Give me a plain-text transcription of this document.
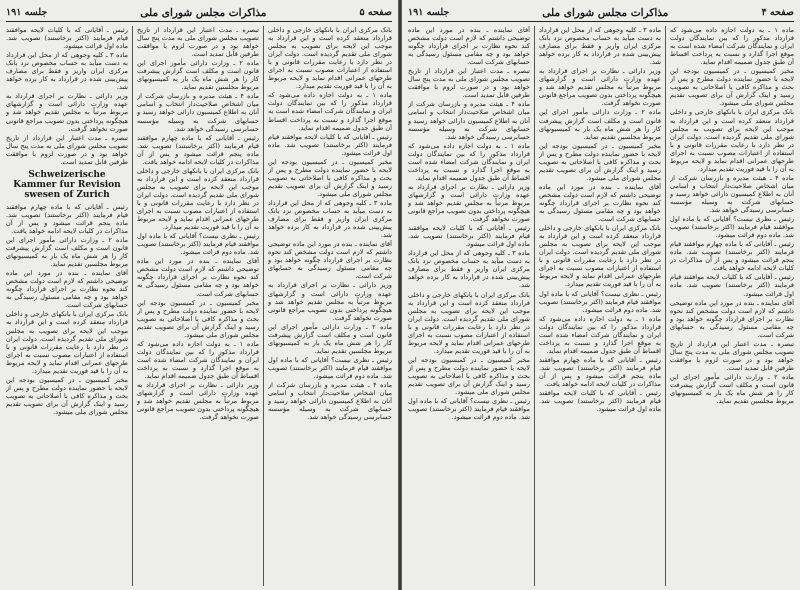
صفحه ۵
مذاکرات مجلس شورای ملی
جلسه ۱۹۱

بانک مرکزی ایران با بانکهای خارجی و داخلی قرارداد منعقد کرده است و این قرارداد به موجب این لایحه برای تصویب به مجلس شورای ملی تقدیم گردیده است. دولت ایران در نظر دارد با رعایت مقررات قانونی و با استفاده از اعتبارات مصوب نسبت به اجرای طرحهای عمرانی اقدام نماید و لایحه مربوط به آن را با قید فوریت تقدیم میدارد.

ماده ۱ ـ به دولت اجازه داده می‌شود که قرارداد مذکور را که بین نمایندگان دولت ایران و نمایندگان شرکت امضاء شده است به موقع اجرا گذارد و نسبت به پرداخت اقساط آن طبق جدول ضمیمه اقدام نماید.

رئیس ـ آقایانی که با کلیات لایحه موافقند قیام فرمایند (اکثر برخاستند) تصویب شد. ماده اول قرائت میشود.

مخبر کمیسیون ـ در کمیسیون بودجه این لایحه با حضور نماینده دولت مطرح و پس از بحث و مذاکره کافی با اصلاحاتی به تصویب رسید و اینک گزارش آن برای تصویب تقدیم مجلس شورای ملی میشود.

ماده ۳ ـ کلیه وجوهی که از محل این قرارداد به دست میآید به حساب مخصوص نزد بانک مرکزی ایران واریز و فقط برای مصارف پیش‌بینی شده در قرارداد به کار برده خواهد شد.

آقای نماینده ـ بنده در مورد این ماده توضیحی داشتم که لازم است دولت مشخص کند نحوه نظارت بر اجرای قرارداد چگونه خواهد بود و چه مقامی مسئول رسیدگی به حسابهای شرکت است.

وزیر دارائی ـ نظارت بر اجرای قرارداد به عهده وزارت دارائی است و گزارشهای مربوط مرتباً به مجلس تقدیم خواهد شد و هیچگونه پرداختی بدون تصویب مراجع قانونی صورت نخواهد گرفت.

ماده ۲ ـ وزارت دارائی مأمور اجرای این قانون است و مکلف است گزارش پیشرفت کار را هر شش ماه یک بار به کمیسیونهای مربوط مجلسین تقدیم نماید.

رئیس ـ نظری نیست؟ آقایانی که با ماده اول موافقند قیام فرمایند (اکثر برخاستند) تصویب شد. ماده دوم قرائت میشود.

ماده ۴ ـ هیئت مدیره و بازرسان شرکت از میان اشخاص صلاحیت‌دار انتخاب و اسامی آنان به اطلاع کمیسیون دارائی خواهد رسید و حسابهای شرکت به وسیله مؤسسه حسابرسی رسیدگی خواهد شد.

تبصره ـ مدت اعتبار این قرارداد از تاریخ تصویب مجلس شورای ملی به مدت پنج سال خواهد بود و در صورت لزوم با موافقت طرفین قابل تمدید است.

ماده ۲ ـ وزارت دارائی مأمور اجرای این قانون است و مکلف است گزارش پیشرفت کار را هر شش ماه یک بار به کمیسیونهای مربوط مجلسین تقدیم نماید.

ماده ۴ ـ هیئت مدیره و بازرسان شرکت از میان اشخاص صلاحیت‌دار انتخاب و اسامی آنان به اطلاع کمیسیون دارائی خواهد رسید و حسابهای شرکت به وسیله مؤسسه حسابرسی رسیدگی خواهد شد.

رئیس ـ آقایانی که با ماده چهارم موافقند قیام فرمایند (اکثر برخاستند) تصویب شد. ماده پنجم قرائت میشود و پس از آن مذاکرات در کلیات لایحه ادامه خواهد یافت.

بانک مرکزی ایران با بانکهای خارجی و داخلی قرارداد منعقد کرده است و این قرارداد به موجب این لایحه برای تصویب به مجلس شورای ملی تقدیم گردیده است. دولت ایران در نظر دارد با رعایت مقررات قانونی و با استفاده از اعتبارات مصوب نسبت به اجرای طرحهای عمرانی اقدام نماید و لایحه مربوط به آن را با قید فوریت تقدیم میدارد.

رئیس ـ نظری نیست؟ آقایانی که با ماده اول موافقند قیام فرمایند (اکثر برخاستند) تصویب شد. ماده دوم قرائت میشود.

آقای نماینده ـ بنده در مورد این ماده توضیحی داشتم که لازم است دولت مشخص کند نحوه نظارت بر اجرای قرارداد چگونه خواهد بود و چه مقامی مسئول رسیدگی به حسابهای شرکت است.

مخبر کمیسیون ـ در کمیسیون بودجه این لایحه با حضور نماینده دولت مطرح و پس از بحث و مذاکره کافی با اصلاحاتی به تصویب رسید و اینک گزارش آن برای تصویب تقدیم مجلس شورای ملی میشود.

ماده ۱ ـ به دولت اجازه داده می‌شود که قرارداد مذکور را که بین نمایندگان دولت ایران و نمایندگان شرکت امضاء شده است به موقع اجرا گذارد و نسبت به پرداخت اقساط آن طبق جدول ضمیمه اقدام نماید.

وزیر دارائی ـ نظارت بر اجرای قرارداد به عهده وزارت دارائی است و گزارشهای مربوط مرتباً به مجلس تقدیم خواهد شد و هیچگونه پرداختی بدون تصویب مراجع قانونی صورت نخواهد گرفت.

رئیس ـ آقایانی که با کلیات لایحه موافقند قیام فرمایند (اکثر برخاستند) تصویب شد. ماده اول قرائت میشود.

ماده ۳ ـ کلیه وجوهی که از محل این قرارداد به دست میآید به حساب مخصوص نزد بانک مرکزی ایران واریز و فقط برای مصارف پیش‌بینی شده در قرارداد به کار برده خواهد شد.

وزیر دارائی ـ نظارت بر اجرای قرارداد به عهده وزارت دارائی است و گزارشهای مربوط مرتباً به مجلس تقدیم خواهد شد و هیچگونه پرداختی بدون تصویب مراجع قانونی صورت نخواهد گرفت.

تبصره ـ مدت اعتبار این قرارداد از تاریخ تصویب مجلس شورای ملی به مدت پنج سال خواهد بود و در صورت لزوم با موافقت طرفین قابل تمدید است.

Schweizerische Kammer fur Revision swesen of Zurich

رئیس ـ آقایانی که با ماده چهارم موافقند قیام فرمایند (اکثر برخاستند) تصویب شد. ماده پنجم قرائت میشود و پس از آن مذاکرات در کلیات لایحه ادامه خواهد یافت.

ماده ۲ ـ وزارت دارائی مأمور اجرای این قانون است و مکلف است گزارش پیشرفت کار را هر شش ماه یک بار به کمیسیونهای مربوط مجلسین تقدیم نماید.

آقای نماینده ـ بنده در مورد این ماده توضیحی داشتم که لازم است دولت مشخص کند نحوه نظارت بر اجرای قرارداد چگونه خواهد بود و چه مقامی مسئول رسیدگی به حسابهای شرکت است.

بانک مرکزی ایران با بانکهای خارجی و داخلی قرارداد منعقد کرده است و این قرارداد به موجب این لایحه برای تصویب به مجلس شورای ملی تقدیم گردیده است. دولت ایران در نظر دارد با رعایت مقررات قانونی و با استفاده از اعتبارات مصوب نسبت به اجرای طرحهای عمرانی اقدام نماید و لایحه مربوط به آن را با قید فوریت تقدیم میدارد.

مخبر کمیسیون ـ در کمیسیون بودجه این لایحه با حضور نماینده دولت مطرح و پس از بحث و مذاکره کافی با اصلاحاتی به تصویب رسید و اینک گزارش آن برای تصویب تقدیم مجلس شورای ملی میشود.

صفحه ۴
مذاکرات مجلس شورای ملی
جلسه ۱۹۱

ماده ۱ ـ به دولت اجازه داده می‌شود که قرارداد مذکور را که بین نمایندگان دولت ایران و نمایندگان شرکت امضاء شده است به موقع اجرا گذارد و نسبت به پرداخت اقساط آن طبق جدول ضمیمه اقدام نماید.

مخبر کمیسیون ـ در کمیسیون بودجه این لایحه با حضور نماینده دولت مطرح و پس از بحث و مذاکره کافی با اصلاحاتی به تصویب رسید و اینک گزارش آن برای تصویب تقدیم مجلس شورای ملی میشود.

بانک مرکزی ایران با بانکهای خارجی و داخلی قرارداد منعقد کرده است و این قرارداد به موجب این لایحه برای تصویب به مجلس شورای ملی تقدیم گردیده است. دولت ایران در نظر دارد با رعایت مقررات قانونی و با استفاده از اعتبارات مصوب نسبت به اجرای طرحهای عمرانی اقدام نماید و لایحه مربوط به آن را با قید فوریت تقدیم میدارد.

ماده ۴ ـ هیئت مدیره و بازرسان شرکت از میان اشخاص صلاحیت‌دار انتخاب و اسامی آنان به اطلاع کمیسیون دارائی خواهد رسید و حسابهای شرکت به وسیله مؤسسه حسابرسی رسیدگی خواهد شد.

رئیس ـ نظری نیست؟ آقایانی که با ماده اول موافقند قیام فرمایند (اکثر برخاستند) تصویب شد. ماده دوم قرائت میشود.

رئیس ـ آقایانی که با ماده چهارم موافقند قیام فرمایند (اکثر برخاستند) تصویب شد. ماده پنجم قرائت میشود و پس از آن مذاکرات در کلیات لایحه ادامه خواهد یافت.

رئیس ـ آقایانی که با کلیات لایحه موافقند قیام فرمایند (اکثر برخاستند) تصویب شد. ماده اول قرائت میشود.

آقای نماینده ـ بنده در مورد این ماده توضیحی داشتم که لازم است دولت مشخص کند نحوه نظارت بر اجرای قرارداد چگونه خواهد بود و چه مقامی مسئول رسیدگی به حسابهای شرکت است.

تبصره ـ مدت اعتبار این قرارداد از تاریخ تصویب مجلس شورای ملی به مدت پنج سال خواهد بود و در صورت لزوم با موافقت طرفین قابل تمدید است.

ماده ۲ ـ وزارت دارائی مأمور اجرای این قانون است و مکلف است گزارش پیشرفت کار را هر شش ماه یک بار به کمیسیونهای مربوط مجلسین تقدیم نماید.

ماده ۳ ـ کلیه وجوهی که از محل این قرارداد به دست میآید به حساب مخصوص نزد بانک مرکزی ایران واریز و فقط برای مصارف پیش‌بینی شده در قرارداد به کار برده خواهد شد.

وزیر دارائی ـ نظارت بر اجرای قرارداد به عهده وزارت دارائی است و گزارشهای مربوط مرتباً به مجلس تقدیم خواهد شد و هیچگونه پرداختی بدون تصویب مراجع قانونی صورت نخواهد گرفت.

ماده ۲ ـ وزارت دارائی مأمور اجرای این قانون است و مکلف است گزارش پیشرفت کار را هر شش ماه یک بار به کمیسیونهای مربوط مجلسین تقدیم نماید.

مخبر کمیسیون ـ در کمیسیون بودجه این لایحه با حضور نماینده دولت مطرح و پس از بحث و مذاکره کافی با اصلاحاتی به تصویب رسید و اینک گزارش آن برای تصویب تقدیم مجلس شورای ملی میشود.

آقای نماینده ـ بنده در مورد این ماده توضیحی داشتم که لازم است دولت مشخص کند نحوه نظارت بر اجرای قرارداد چگونه خواهد بود و چه مقامی مسئول رسیدگی به حسابهای شرکت است.

بانک مرکزی ایران با بانکهای خارجی و داخلی قرارداد منعقد کرده است و این قرارداد به موجب این لایحه برای تصویب به مجلس شورای ملی تقدیم گردیده است. دولت ایران در نظر دارد با رعایت مقررات قانونی و با استفاده از اعتبارات مصوب نسبت به اجرای طرحهای عمرانی اقدام نماید و لایحه مربوط به آن را با قید فوریت تقدیم میدارد.

رئیس ـ نظری نیست؟ آقایانی که با ماده اول موافقند قیام فرمایند (اکثر برخاستند) تصویب شد. ماده دوم قرائت میشود.

ماده ۱ ـ به دولت اجازه داده می‌شود که قرارداد مذکور را که بین نمایندگان دولت ایران و نمایندگان شرکت امضاء شده است به موقع اجرا گذارد و نسبت به پرداخت اقساط آن طبق جدول ضمیمه اقدام نماید.

رئیس ـ آقایانی که با ماده چهارم موافقند قیام فرمایند (اکثر برخاستند) تصویب شد. ماده پنجم قرائت میشود و پس از آن مذاکرات در کلیات لایحه ادامه خواهد یافت.

رئیس ـ آقایانی که با کلیات لایحه موافقند قیام فرمایند (اکثر برخاستند) تصویب شد. ماده اول قرائت میشود.

آقای نماینده ـ بنده در مورد این ماده توضیحی داشتم که لازم است دولت مشخص کند نحوه نظارت بر اجرای قرارداد چگونه خواهد بود و چه مقامی مسئول رسیدگی به حسابهای شرکت است.

تبصره ـ مدت اعتبار این قرارداد از تاریخ تصویب مجلس شورای ملی به مدت پنج سال خواهد بود و در صورت لزوم با موافقت طرفین قابل تمدید است.

ماده ۴ ـ هیئت مدیره و بازرسان شرکت از میان اشخاص صلاحیت‌دار انتخاب و اسامی آنان به اطلاع کمیسیون دارائی خواهد رسید و حسابهای شرکت به وسیله مؤسسه حسابرسی رسیدگی خواهد شد.

ماده ۱ ـ به دولت اجازه داده می‌شود که قرارداد مذکور را که بین نمایندگان دولت ایران و نمایندگان شرکت امضاء شده است به موقع اجرا گذارد و نسبت به پرداخت اقساط آن طبق جدول ضمیمه اقدام نماید.

وزیر دارائی ـ نظارت بر اجرای قرارداد به عهده وزارت دارائی است و گزارشهای مربوط مرتباً به مجلس تقدیم خواهد شد و هیچگونه پرداختی بدون تصویب مراجع قانونی صورت نخواهد گرفت.

رئیس ـ آقایانی که با کلیات لایحه موافقند قیام فرمایند (اکثر برخاستند) تصویب شد. ماده اول قرائت میشود.

ماده ۳ ـ کلیه وجوهی که از محل این قرارداد به دست میآید به حساب مخصوص نزد بانک مرکزی ایران واریز و فقط برای مصارف پیش‌بینی شده در قرارداد به کار برده خواهد شد.

بانک مرکزی ایران با بانکهای خارجی و داخلی قرارداد منعقد کرده است و این قرارداد به موجب این لایحه برای تصویب به مجلس شورای ملی تقدیم گردیده است. دولت ایران در نظر دارد با رعایت مقررات قانونی و با استفاده از اعتبارات مصوب نسبت به اجرای طرحهای عمرانی اقدام نماید و لایحه مربوط به آن را با قید فوریت تقدیم میدارد.

مخبر کمیسیون ـ در کمیسیون بودجه این لایحه با حضور نماینده دولت مطرح و پس از بحث و مذاکره کافی با اصلاحاتی به تصویب رسید و اینک گزارش آن برای تصویب تقدیم مجلس شورای ملی میشود.

رئیس ـ نظری نیست؟ آقایانی که با ماده اول موافقند قیام فرمایند (اکثر برخاستند) تصویب شد. ماده دوم قرائت میشود.
